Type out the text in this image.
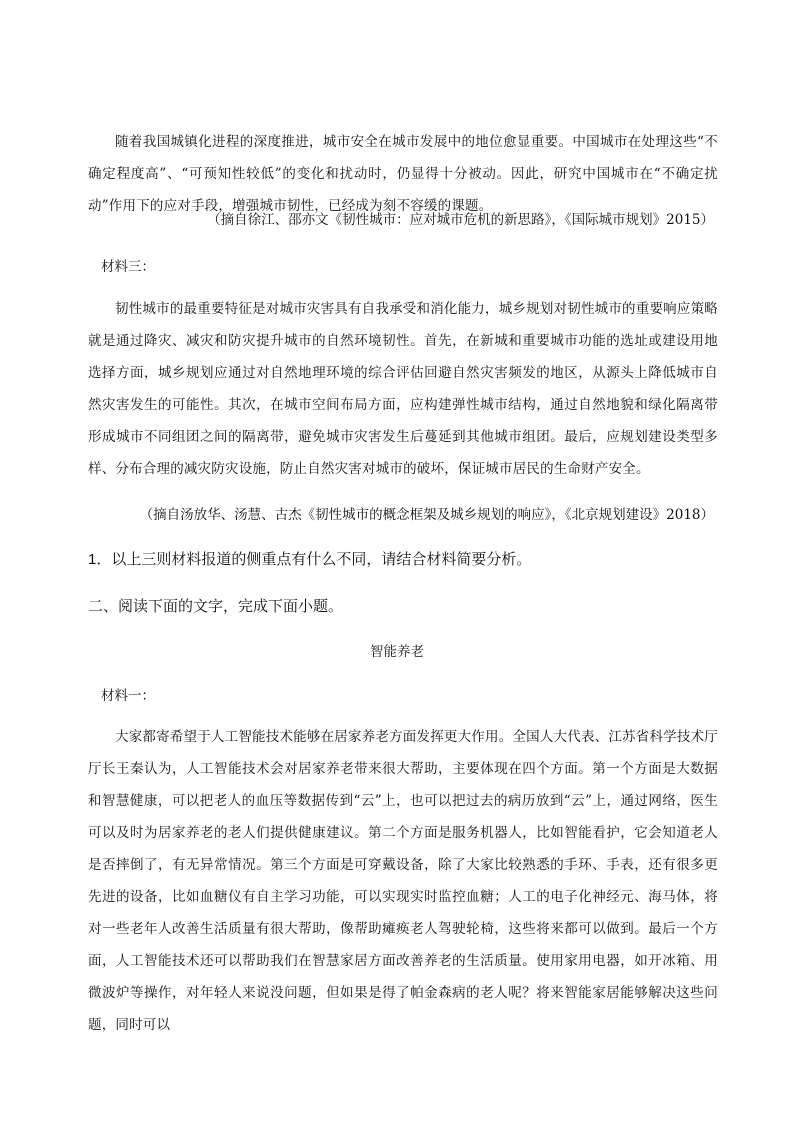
随着我国城镇化进程的深度推进，城市安全在城市发展中的地位愈显重要。中国城市在处理这些“不确定程度高”、“可预知性较低”的变化和扰动时，仍显得十分被动。因此，研究中国城市在“不确定扰动”作用下的应对手段，增强城市韧性，已经成为刻不容缓的课题。

（摘自徐江、邵亦文《韧性城市：应对城市危机的新思路》，《国际城市规划》2015）
材料三：

韧性城市的最重要特征是对城市灾害具有自我承受和消化能力，城乡规划对韧性城市的重要响应策略就是通过降灾、减灾和防灾提升城市的自然环境韧性。首先，在新城和重要城市功能的选址或建设用地选择方面，城乡规划应通过对自然地理环境的综合评估回避自然灾害频发的地区，从源头上降低城市自然灾害发生的可能性。其次，在城市空间布局方面，应构建弹性城市结构，通过自然地貌和绿化隔离带形成城市不同组团之间的隔离带，避免城市灾害发生后蔓延到其他城市组团。最后，应规划建设类型多样、分布合理的减灾防灾设施，防止自然灾害对城市的破坏，保证城市居民的生命财产安全。

（摘自汤放华、汤慧、古杰《韧性城市的概念框架及城乡规划的响应》，《北京规划建设》2018）
1．以上三则材料报道的侧重点有什么不同，请结合材料简要分析。
二、阅读下面的文字，完成下面小题。
智能养老
材料一：

大家都寄希望于人工智能技术能够在居家养老方面发挥更大作用。全国人大代表、江苏省科学技术厅厅长王秦认为，人工智能技术会对居家养老带来很大帮助，主要体现在四个方面。第一个方面是大数据和智慧健康，可以把老人的血压等数据传到“云”上，也可以把过去的病历放到“云”上，通过网络，医生可以及时为居家养老的老人们提供健康建议。第二个方面是服务机器人，比如智能看护，它会知道老人是否摔倒了，有无异常情况。第三个方面是可穿戴设备，除了大家比较熟悉的手环、手表，还有很多更先进的设备，比如血糖仪有自主学习功能，可以实现实时监控血糖；人工的电子化神经元、海马体，将对一些老年人改善生活质量有很大帮助，像帮助瘫痪老人驾驶轮椅，这些将来都可以做到。最后一个方面，人工智能技术还可以帮助我们在智慧家居方面改善养老的生活质量。使用家用电器，如开冰箱、用微波炉等操作，对年轻人来说没问题，但如果是得了帕金森病的老人呢？将来智能家居能够解决这些问题，同时可以
